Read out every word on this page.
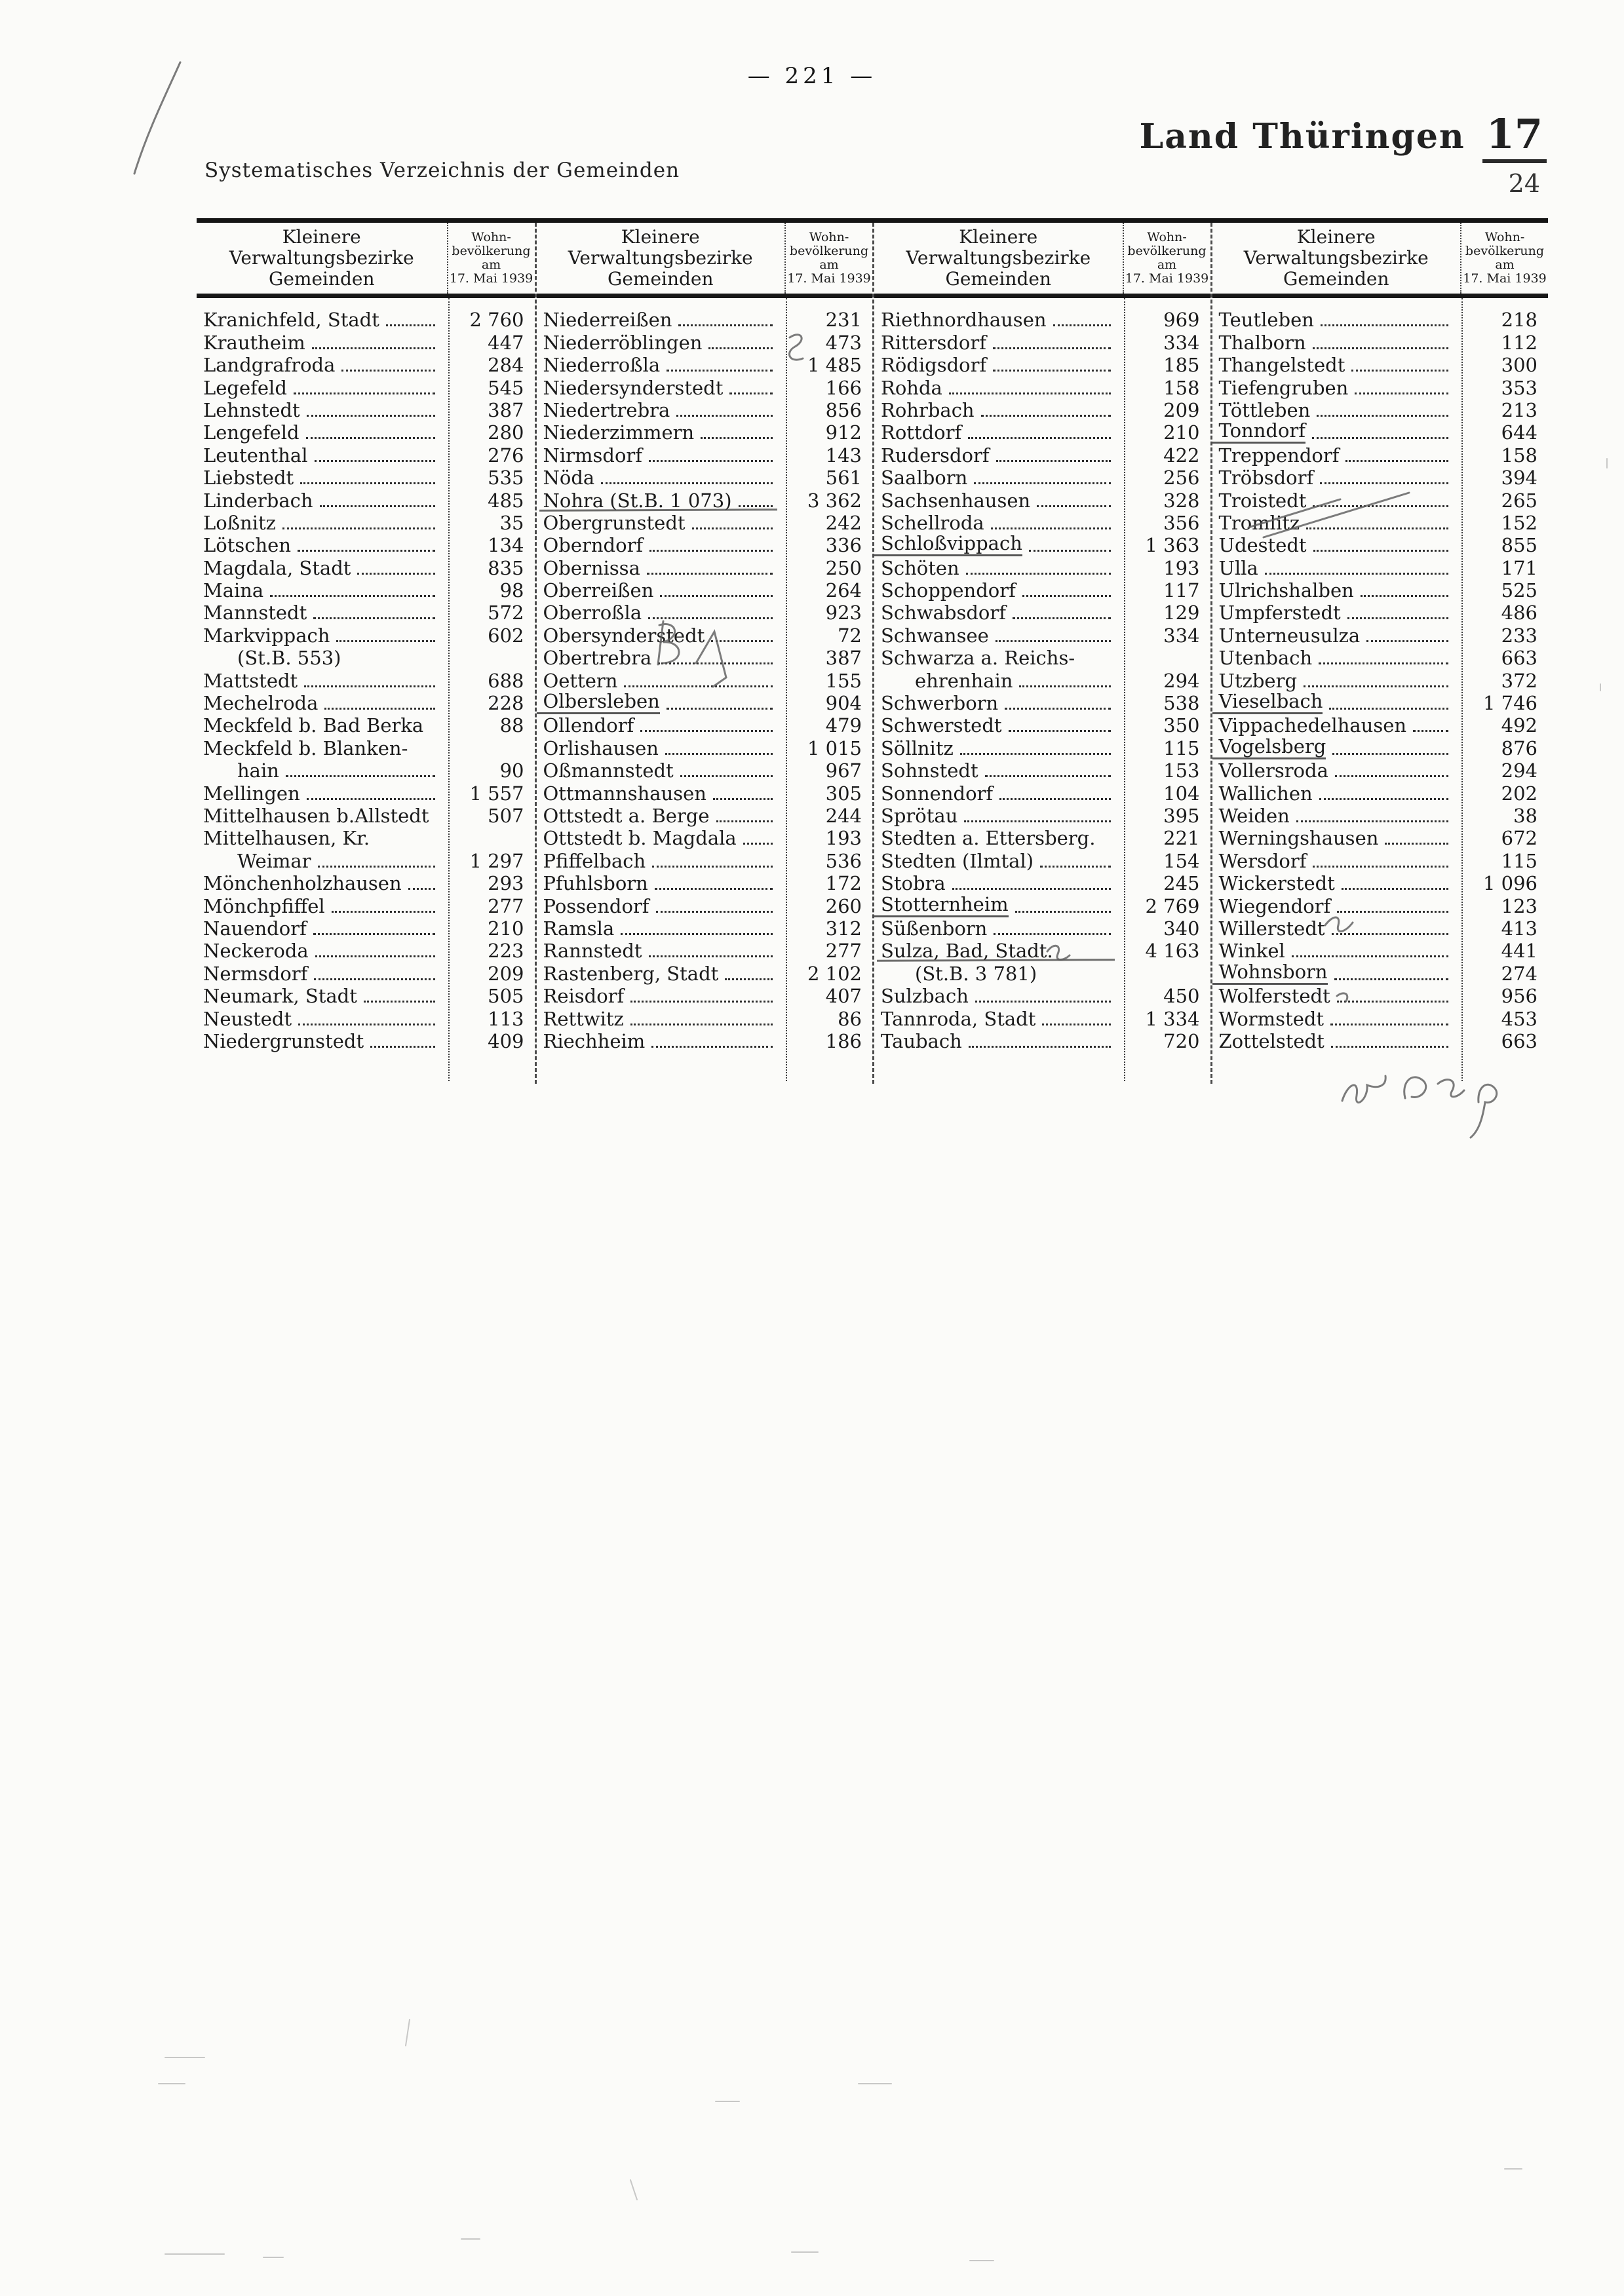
— 221 —
Land Thüringen 17
24
Systematisches Verzeichnis der Gemeinden
Kleinere
Verwaltungsbezirke
Gemeinden
Wohn-
bevölkerung
am
17. Mai 1939
Kranichfeld, Stadt	2 760
Krautheim	447
Landgrafroda	284
Legefeld	545
Lehnstedt	387
Lengefeld	280
Leutenthal	276
Liebstedt	535
Linderbach	485
Loßnitz	35
Lötschen	134
Magdala, Stadt	835
Maina	98
Mannstedt	572
Markvippach	602
(St.B. 553)
Mattstedt	688
Mechelroda	228
Meckfeld b. Bad Berka	88
Meckfeld b. Blanken-
hain	90
Mellingen	1 557
Mittelhausen b.Allstedt	507
Mittelhausen, Kr.
Weimar	1 297
Mönchenholzhausen	293
Mönchpfiffel	277
Nauendorf	210
Neckeroda	223
Nermsdorf	209
Neumark, Stadt	505
Neustedt	113
Niedergrunstedt	409
Kleinere
Verwaltungsbezirke
Gemeinden
Wohn-
bevölkerung
am
17. Mai 1939
Niederreißen	231
Niederröblingen	473
Niederroßla	1 485
Niedersynderstedt	166
Niedertrebra	856
Niederzimmern	912
Nirmsdorf	143
Nöda	561
Nohra (St.B. 1 073)	3 362
Obergrunstedt	242
Oberndorf	336
Obernissa	250
Oberreißen	264
Oberroßla	923
Obersynderstedt	72
Obertrebra	387
Oettern	155
Olbersleben	904
Ollendorf	479
Orlishausen	1 015
Oßmannstedt	967
Ottmannshausen	305
Ottstedt a. Berge	244
Ottstedt b. Magdala	193
Pfiffelbach	536
Pfuhlsborn	172
Possendorf	260
Ramsla	312
Rannstedt	277
Rastenberg, Stadt	2 102
Reisdorf	407
Rettwitz	86
Riechheim	186
Kleinere
Verwaltungsbezirke
Gemeinden
Wohn-
bevölkerung
am
17. Mai 1939
Riethnordhausen	969
Rittersdorf	334
Rödigsdorf	185
Rohda	158
Rohrbach	209
Rottdorf	210
Rudersdorf	422
Saalborn	256
Sachsenhausen	328
Schellroda	356
Schloßvippach	1 363
Schöten	193
Schoppendorf	117
Schwabsdorf	129
Schwansee	334
Schwarza a. Reichs-
ehrenhain	294
Schwerborn	538
Schwerstedt	350
Söllnitz	115
Sohnstedt	153
Sonnendorf	104
Sprötau	395
Stedten a. Ettersberg.	221
Stedten (Ilmtal)	154
Stobra	245
Stotternheim	2 769
Süßenborn	340
Sulza, Bad, Stadt.	4 163
(St.B. 3 781)
Sulzbach	450
Tannroda, Stadt	1 334
Taubach	720
Kleinere
Verwaltungsbezirke
Gemeinden
Wohn-
bevölkerung
am
17. Mai 1939
Teutleben	218
Thalborn	112
Thangelstedt	300
Tiefengruben	353
Töttleben	213
Tonndorf	644
Treppendorf	158
Tröbsdorf	394
Troistedt	265
Tromlitz	152
Udestedt	855
Ulla	171
Ulrichshalben	525
Umpferstedt	486
Unterneusulza	233
Utenbach	663
Utzberg	372
Vieselbach	1 746
Vippachedelhausen	492
Vogelsberg	876
Vollersroda	294
Wallichen	202
Weiden	38
Werningshausen	672
Wersdorf	115
Wickerstedt	1 096
Wiegendorf	123
Willerstedt	413
Winkel	441
Wohnsborn	274
Wolferstedt	956
Wormstedt	453
Zottelstedt	663
